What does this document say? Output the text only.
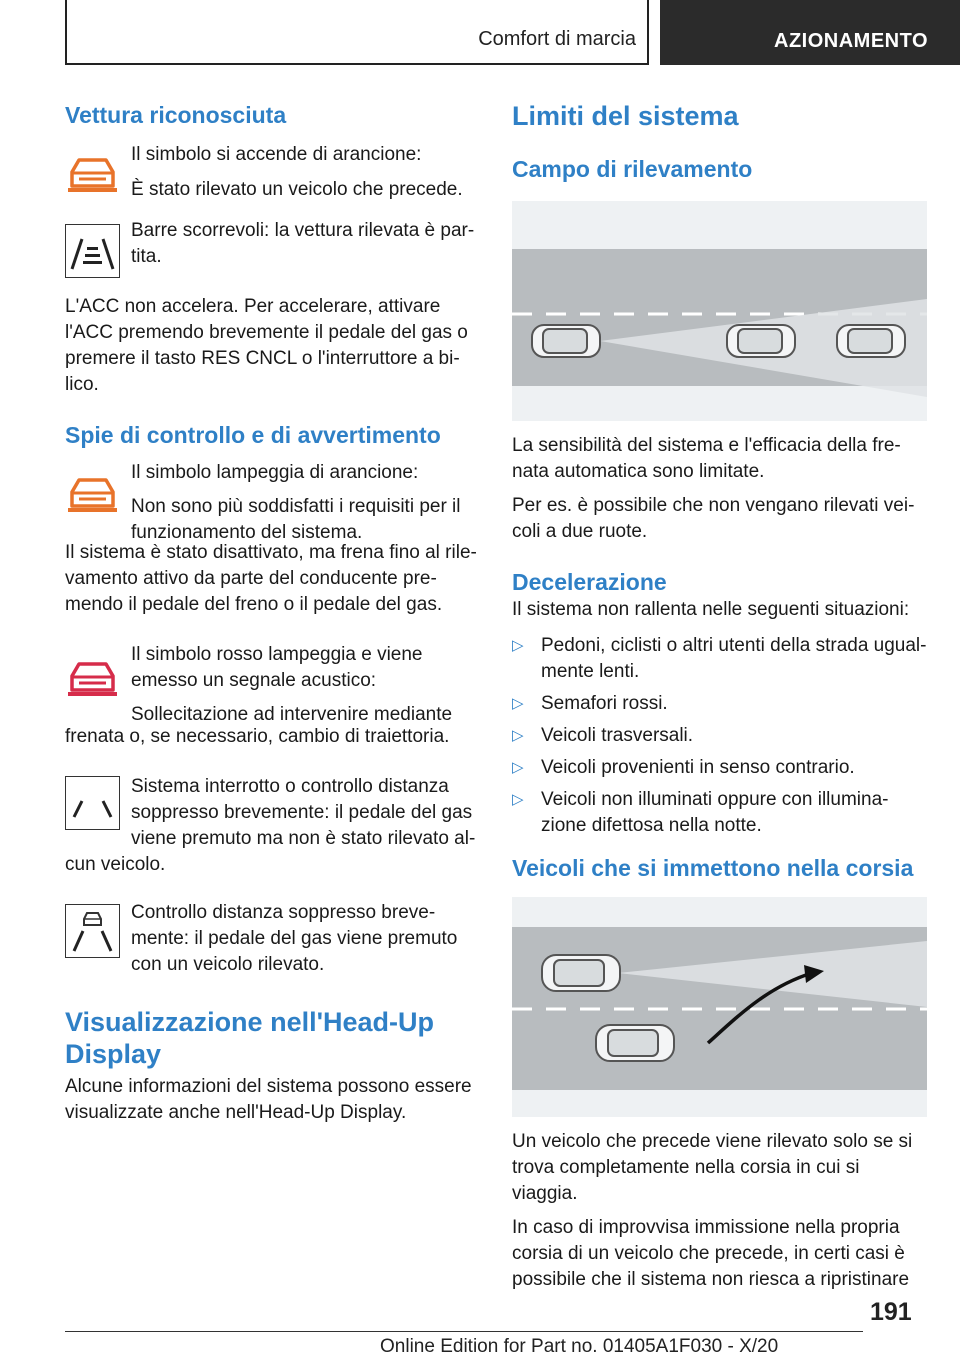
Comfort di marcia	AZIONAMENTO
Vettura riconosciuta

Il simbolo si accende di arancione:

È stato rilevato un veicolo che precede.

Barre scorrevoli: la vettura rilevata è par-

tita.

L'ACC non accelera. Per accelerare, attivare

l'ACC premendo brevemente il pedale del gas o

premere il tasto RES CNCL o l'interruttore a bi-

lico.

Spie di controllo e di avvertimento

Il simbolo lampeggia di arancione:

Non sono più soddisfatti i requisiti per il

funzionamento del sistema.

Il sistema è stato disattivato, ma frena fino al rile-

vamento attivo da parte del conducente pre-

mendo il pedale del freno o il pedale del gas.

Il simbolo rosso lampeggia e viene

emesso un segnale acustico:

Sollecitazione ad intervenire mediante

frenata o, se necessario, cambio di traiettoria.

Sistema interrotto o controllo distanza

soppresso brevemente: il pedale del gas

viene premuto ma non è stato rilevato al-

cun veicolo.

Controllo distanza soppresso breve-

mente: il pedale del gas viene premuto

con un veicolo rilevato.

Visualizzazione nell'Head-Up
Display

Alcune informazioni del sistema possono essere

visualizzate anche nell'Head-Up Display.

Limiti del sistema
Campo di rilevamento

La sensibilità del sistema e l'efficacia della fre-

nata automatica sono limitate.

Per es. è possibile che non vengano rilevati vei-

coli a due ruote.

Decelerazione

Il sistema non rallenta nelle seguenti situazioni:

▷ Pedoni, ciclisti o altri utenti della strada ugual-
mente lenti.
▷ Semafori rossi.
▷ Veicoli trasversali.
▷ Veicoli provenienti in senso contrario.
▷ Veicoli non illuminati oppure con illumina-
zione difettosa nella notte.
Veicoli che si immettono nella corsia

Un veicolo che precede viene rilevato solo se si

trova completamente nella corsia in cui si viaggia.

In caso di improvvisa immissione nella propria

corsia di un veicolo che precede, in certi casi è

possibile che il sistema non riesca a ripristinare

191
Online Edition for Part no. 01405A1F030 - X/20
